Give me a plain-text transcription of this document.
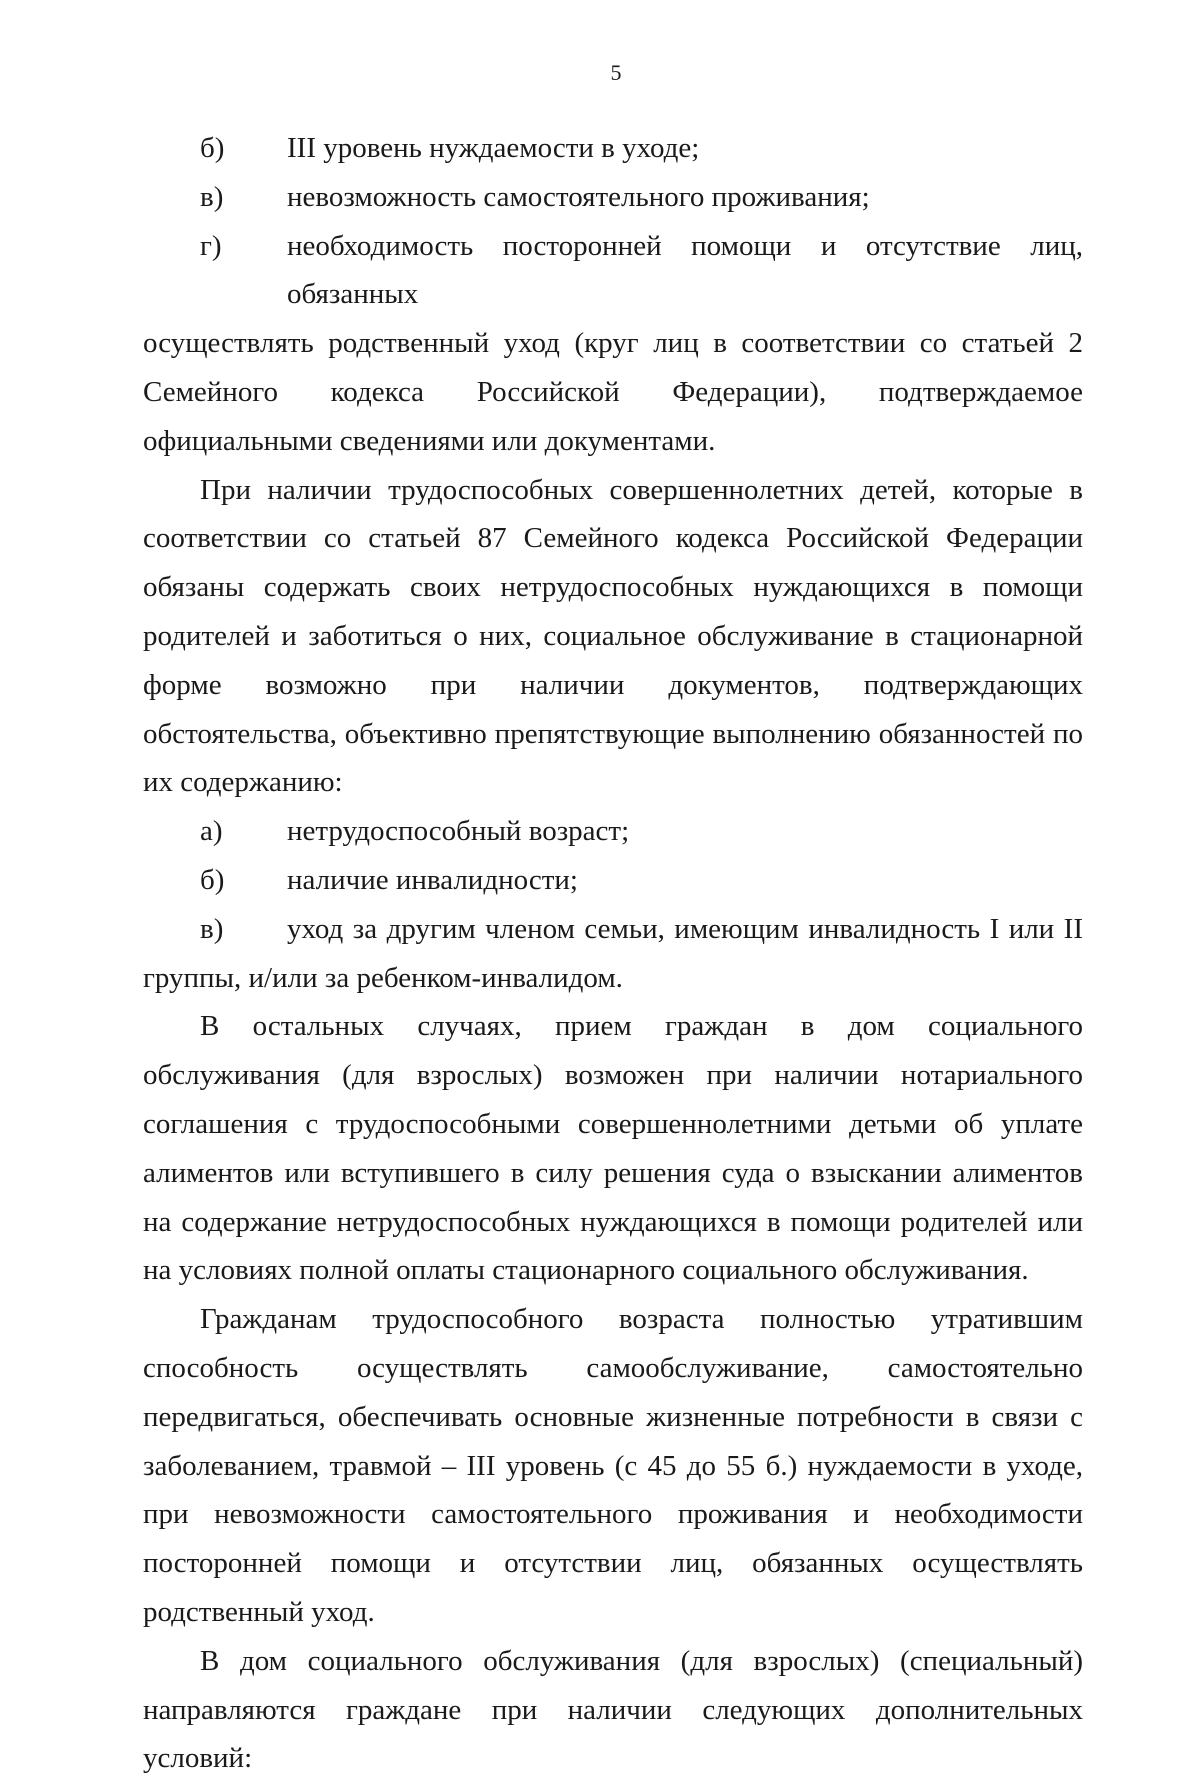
5
б)	III уровень нуждаемости в уходе;
в)	невозможность самостоятельного проживания;
г)	необходимость посторонней помощи и отсутствие лиц, обязанных

осуществлять родственный уход (круг лиц в соответствии со статьей 2 Семейного кодекса Российской Федерации), подтверждаемое официальными сведениями или документами.

При наличии трудоспособных совершеннолетних детей, которые в соответствии со статьей 87 Семейного кодекса Российской Федерации обязаны содержать своих нетрудоспособных нуждающихся в помощи родителей и заботиться о них, социальное обслуживание в стационарной форме возможно при наличии документов, подтверждающих обстоятельства, объективно препятствующие выполнению обязанностей по их содержанию:

а)	нетрудоспособный возраст;
б)	наличие инвалидности;
в)	уход за другим членом семьи, имеющим инвалидность I или II

группы, и/или за ребенком-инвалидом.

В остальных случаях, прием граждан в дом социального обслуживания (для взрослых) возможен при наличии нотариального соглашения с трудоспособными совершеннолетними детьми об уплате алиментов или вступившего в силу решения суда о взыскании алиментов на содержание нетрудоспособных нуждающихся в помощи родителей или на условиях полной оплаты стационарного социального обслуживания.

Гражданам трудоспособного возраста полностью утратившим способность осуществлять самообслуживание, самостоятельно передвигаться, обеспечивать основные жизненные потребности в связи с заболеванием, травмой – III уровень (с 45 до 55 б.) нуждаемости в уходе, при невозможности самостоятельного проживания и необходимости посторонней помощи и отсутствии лиц, обязанных осуществлять родственный уход.

В дом социального обслуживания (для взрослых) (специальный) направляются граждане при наличии следующих дополнительных условий:
